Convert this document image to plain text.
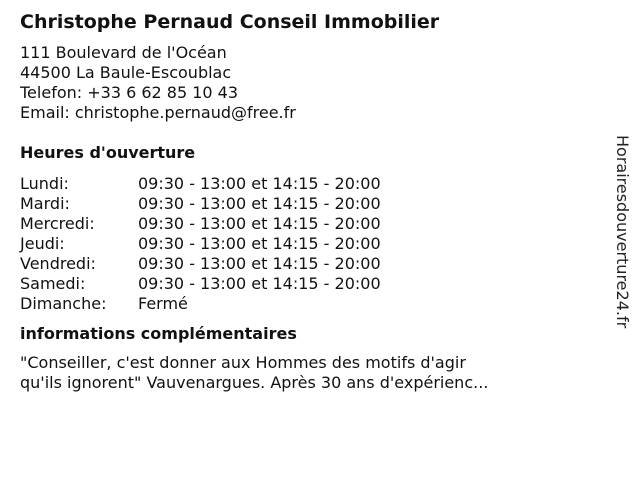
Christophe Pernaud Conseil Immobilier
111 Boulevard de l'Océan
44500 La Baule-Escoublac
Telefon: +33 6 62 85 10 43
Email: christophe.pernaud@free.fr
Heures d'ouverture
Lundi:	09:30 - 13:00 et 14:15 - 20:00
Mardi:	09:30 - 13:00 et 14:15 - 20:00
Mercredi:	09:30 - 13:00 et 14:15 - 20:00
Jeudi:	09:30 - 13:00 et 14:15 - 20:00
Vendredi:	09:30 - 13:00 et 14:15 - 20:00
Samedi:	09:30 - 13:00 et 14:15 - 20:00
Dimanche:	Fermé
informations complémentaires
"Conseiller, c'est donner aux Hommes des motifs d'agir
qu'ils ignorent" Vauvenargues. Après 30 ans d'expérienc...
Horairesdouverture24.fr
